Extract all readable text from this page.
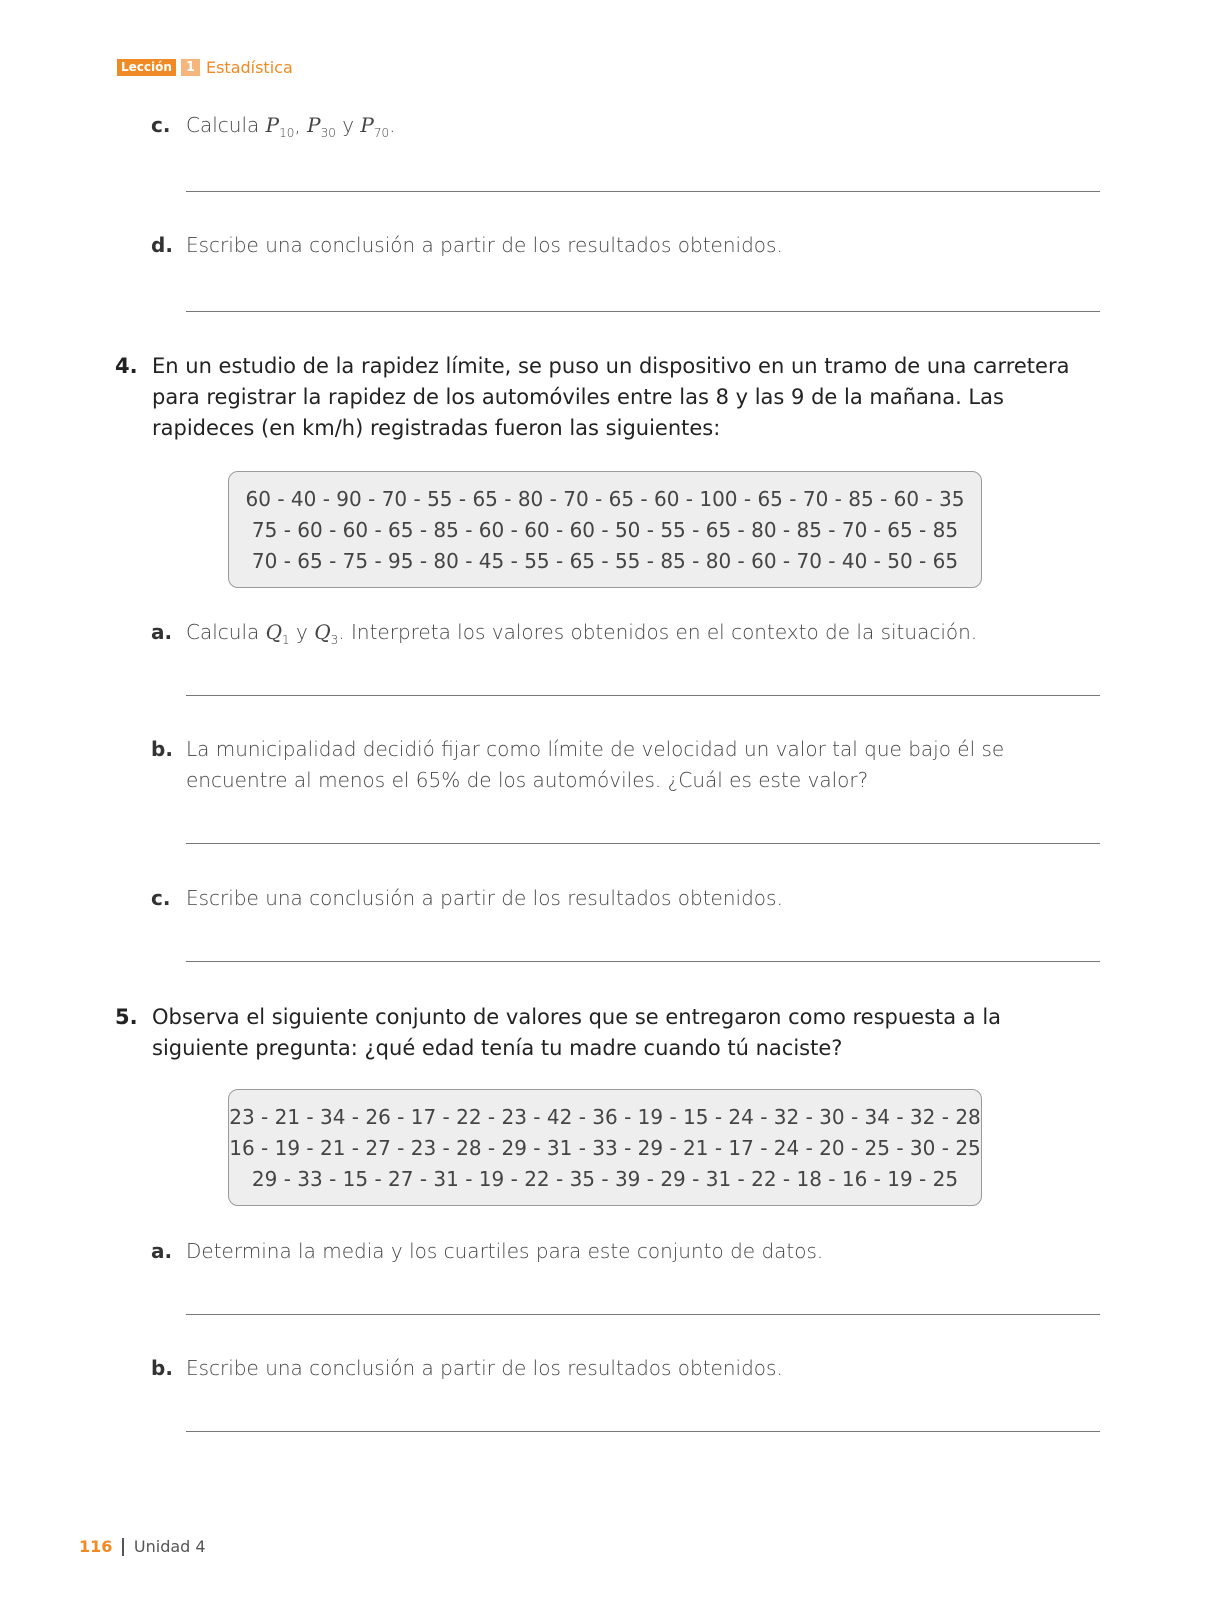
Lección	1 Estadística
c. Calcula $P_{10}$, $P_{30}$ y $P_{70}$.
d. Escribe una conclusión a partir de los resultados obtenidos.
4. En un estudio de la rapidez límite, se puso un dispositivo en un tramo de una carretera para registrar la rapidez de los automóviles entre las 8 y las 9 de la mañana. Las rapideces (en km/h) registradas fueron las siguientes:
60 - 40 - 90 - 70 - 55 - 65 - 80 - 70 - 65 - 60 - 100 - 65 - 70 - 85 - 60 - 35
75 - 60 - 60 - 65 - 85 - 60 - 60 - 60 - 50 - 55 - 65 - 80 - 85 - 70 - 65 - 85
70 - 65 - 75 - 95 - 80 - 45 - 55 - 65 - 55 - 85 - 80 - 60 - 70 - 40 - 50 - 65
a. Calcula $Q_1$ y $Q_3$. Interpreta los valores obtenidos en el contexto de la situación.
b. La municipalidad decidió fijar como límite de velocidad un valor tal que bajo él se encuentre al menos el 65% de los automóviles. ¿Cuál es este valor?
c. Escribe una conclusión a partir de los resultados obtenidos.
5. Observa el siguiente conjunto de valores que se entregaron como respuesta a la siguiente pregunta: ¿qué edad tenía tu madre cuando tú naciste?
23 - 21 - 34 - 26 - 17 - 22 - 23 - 42 - 36 - 19 - 15 - 24 - 32 - 30 - 34 - 32 - 28
16 - 19 - 21 - 27 - 23 - 28 - 29 - 31 - 33 - 29 - 21 - 17 - 24 - 20 - 25 - 30 - 25
29 - 33 - 15 - 27 - 31 - 19 - 22 - 35 - 39 - 29 - 31 - 22 - 18 - 16 - 19 - 25
a. Determina la media y los cuartiles para este conjunto de datos.
b. Escribe una conclusión a partir de los resultados obtenidos.
116 Unidad 4
